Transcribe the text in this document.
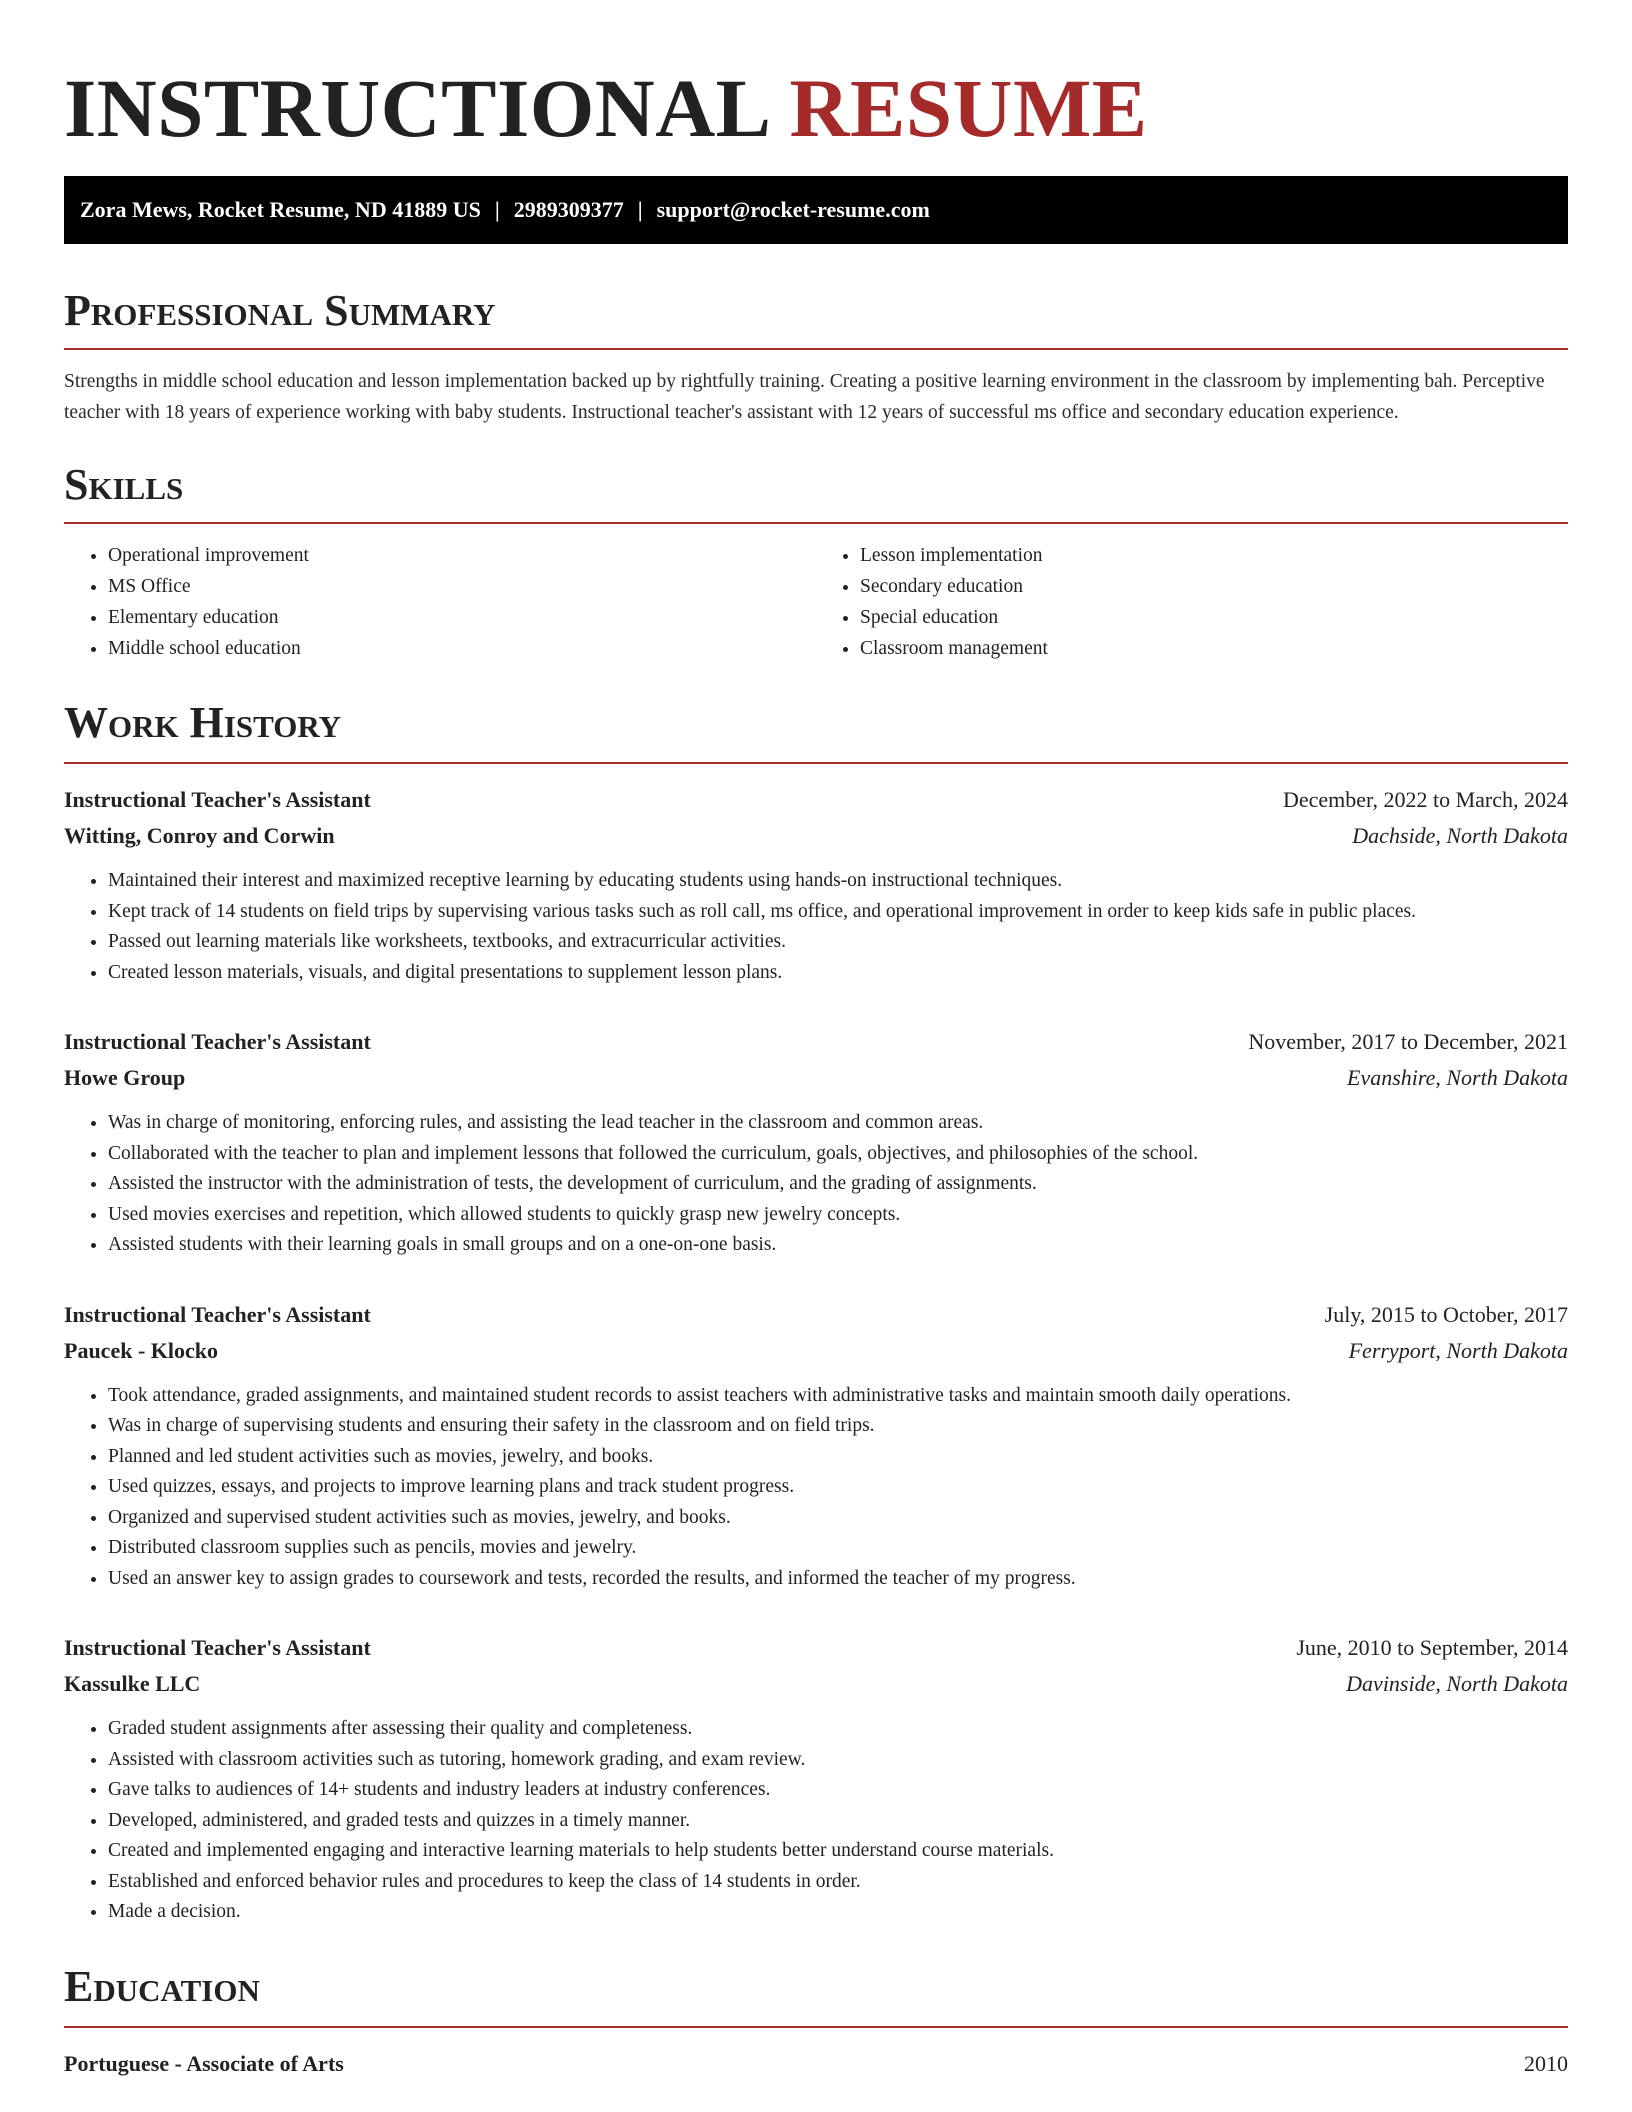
INSTRUCTIONAL RESUME
Zora Mews, Rocket Resume, ND 41889 US | 2989309377 | support@rocket-resume.com
Professional Summary

Strengths in middle school education and lesson implementation backed up by rightfully training. Creating a positive learning environment in the classroom by implementing bah. Perceptive teacher with 18 years of experience working with baby students. Instructional teacher's assistant with 12 years of successful ms office and secondary education experience.

Skills
• Operational improvement
• MS Office
• Elementary education
• Middle school education
• Lesson implementation
• Secondary education
• Special education
• Classroom management
Work History
Instructional Teacher's Assistant	December, 2022 to March, 2024
Witting, Conroy and Corwin	Dachside, North Dakota
• Maintained their interest and maximized receptive learning by educating students using hands-on instructional techniques.
• Kept track of 14 students on field trips by supervising various tasks such as roll call, ms office, and operational improvement in order to keep kids safe in public places.
• Passed out learning materials like worksheets, textbooks, and extracurricular activities.
• Created lesson materials, visuals, and digital presentations to supplement lesson plans.
Instructional Teacher's Assistant	November, 2017 to December, 2021
Howe Group	Evanshire, North Dakota
• Was in charge of monitoring, enforcing rules, and assisting the lead teacher in the classroom and common areas.
• Collaborated with the teacher to plan and implement lessons that followed the curriculum, goals, objectives, and philosophies of the school.
• Assisted the instructor with the administration of tests, the development of curriculum, and the grading of assignments.
• Used movies exercises and repetition, which allowed students to quickly grasp new jewelry concepts.
• Assisted students with their learning goals in small groups and on a one-on-one basis.
Instructional Teacher's Assistant	July, 2015 to October, 2017
Paucek - Klocko	Ferryport, North Dakota
• Took attendance, graded assignments, and maintained student records to assist teachers with administrative tasks and maintain smooth daily operations.
• Was in charge of supervising students and ensuring their safety in the classroom and on field trips.
• Planned and led student activities such as movies, jewelry, and books.
• Used quizzes, essays, and projects to improve learning plans and track student progress.
• Organized and supervised student activities such as movies, jewelry, and books.
• Distributed classroom supplies such as pencils, movies and jewelry.
• Used an answer key to assign grades to coursework and tests, recorded the results, and informed the teacher of my progress.
Instructional Teacher's Assistant	June, 2010 to September, 2014
Kassulke LLC	Davinside, North Dakota
• Graded student assignments after assessing their quality and completeness.
• Assisted with classroom activities such as tutoring, homework grading, and exam review.
• Gave talks to audiences of 14+ students and industry leaders at industry conferences.
• Developed, administered, and graded tests and quizzes in a timely manner.
• Created and implemented engaging and interactive learning materials to help students better understand course materials.
• Established and enforced behavior rules and procedures to keep the class of 14 students in order.
• Made a decision.
Education
Portuguese - Associate of Arts	2010
